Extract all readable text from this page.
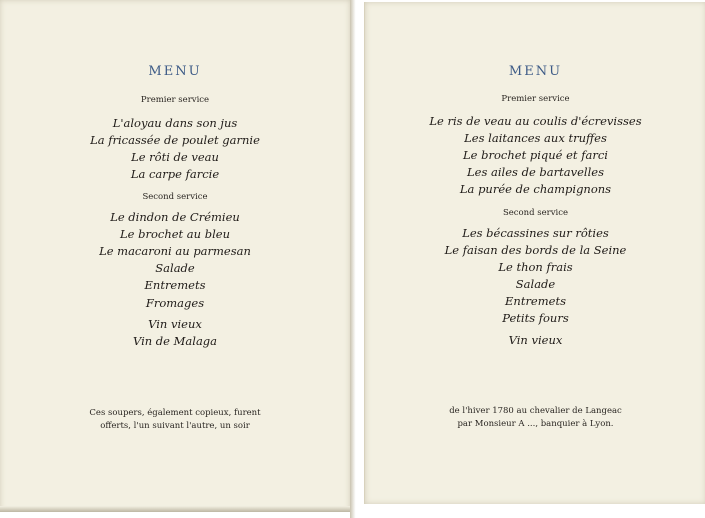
MENU
Premier service
L'aloyau dans son jus
La fricassée de poulet garnie
Le rôti de veau
La carpe farcie
Second service
Le dindon de Crémieu
Le brochet au bleu
Le macaroni au parmesan
Salade
Entremets
Fromages
Vin vieux
Vin de Malaga
Ces soupers, également copieux, furent
offerts, l'un suivant l'autre, un soir
MENU
Premier service
Le ris de veau au coulis d'écrevisses
Les laitances aux truffes
Le brochet piqué et farci
Les ailes de bartavelles
La purée de champignons
Second service
Les bécassines sur rôties
Le faisan des bords de la Seine
Le thon frais
Salade
Entremets
Petits fours
Vin vieux
de l'hiver 1780 au chevalier de Langeac
par Monsieur A ..., banquier à Lyon.
